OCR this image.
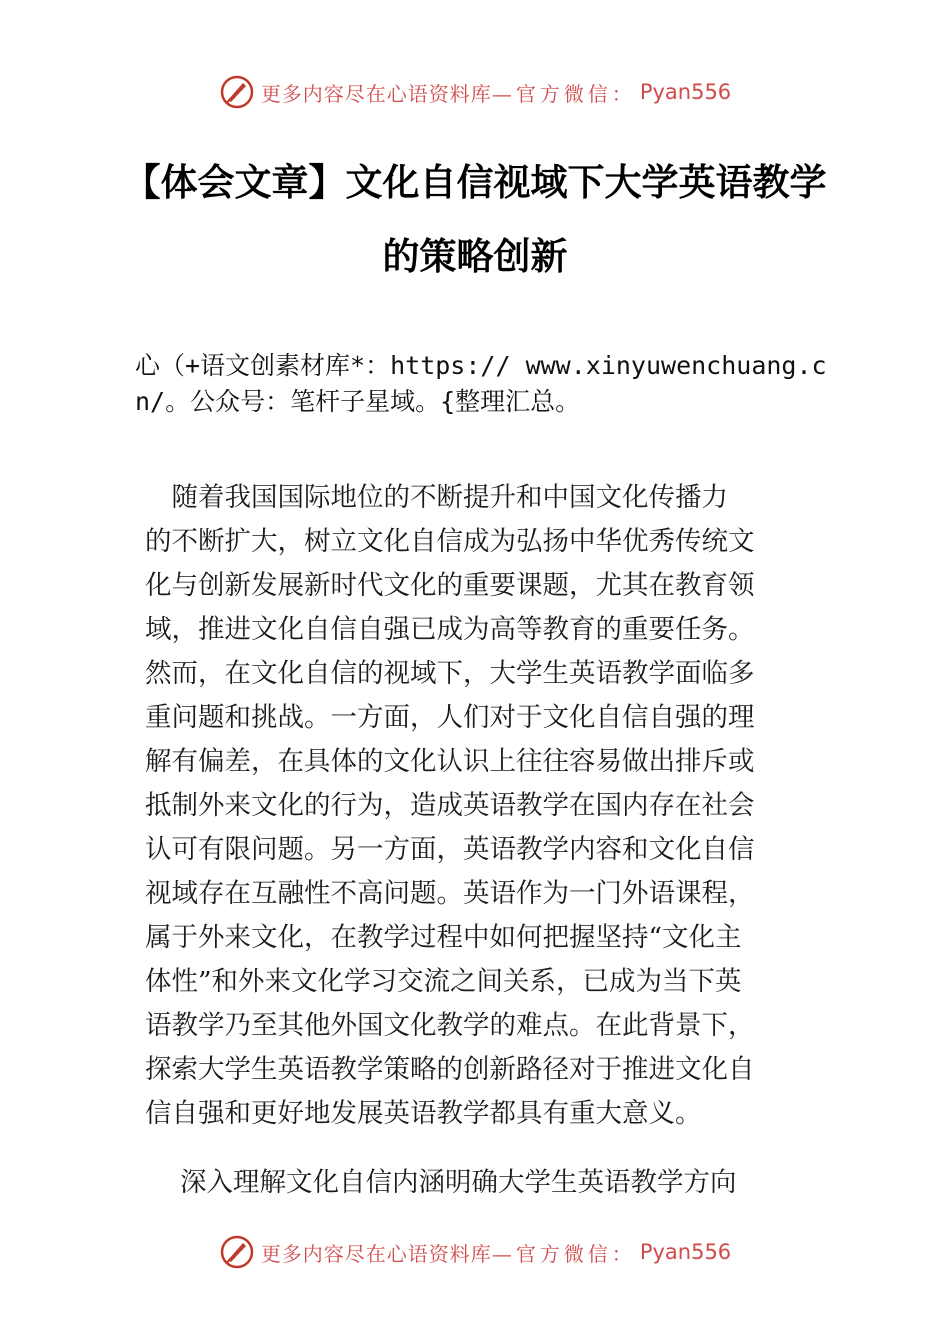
更多内容尽在心语资料库 —官方微信： Pyan556
【体会文章】文化自信视域下大学英语教学
的策略创新
心（+语文创素材库*：https:// www.xinyuwenchuang.cn/。公众号：笔杆子星域。{整理汇总。
　随着我国国际地位的不断提升和中国文化传播力
的不断扩大，树立文化自信成为弘扬中华优秀传统文
化与创新发展新时代文化的重要课题，尤其在教育领
域，推进文化自信自强已成为高等教育的重要任务。
然而，在文化自信的视域下，大学生英语教学面临多
重问题和挑战。一方面，人们对于文化自信自强的理
解有偏差，在具体的文化认识上往往容易做出排斥或
抵制外来文化的行为，造成英语教学在国内存在社会
认可有限问题。另一方面，英语教学内容和文化自信
视域存在互融性不高问题。英语作为一门外语课程，
属于外来文化，在教学过程中如何把握坚持“文化主
体性”和外来文化学习交流之间关系，已成为当下英
语教学乃至其他外国文化教学的难点。在此背景下，
探索大学生英语教学策略的创新路径对于推进文化自
信自强和更好地发展英语教学都具有重大意义。
深入理解文化自信内涵明确大学生英语教学方向
更多内容尽在心语资料库 —官方微信： Pyan556
